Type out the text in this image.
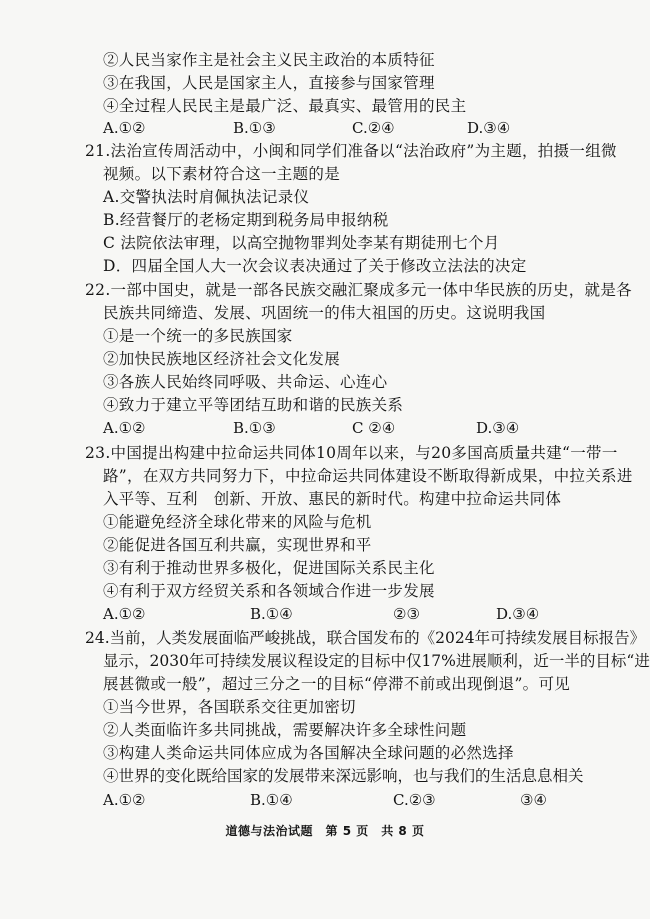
②人民当家作主是社会主义民主政治的本质特征
③在我国，人民是国家主人，直接参与国家管理
④全过程人民民主是最广泛、最真实、最管用的民主
A.①②	B.①③	C.②④	D.③④
21.法治宣传周活动中，小闽和同学们准备以“法治政府”为主题，拍摄一组微
视频。以下素材符合这一主题的是
A.交警执法时肩佩执法记录仪
B.经营餐厅的老杨定期到税务局申报纳税
C 法院依法审理，以高空抛物罪判处李某有期徒刑七个月
D．四届全国人大一次会议表决通过了关于修改立法法的决定
22.一部中国史，就是一部各民族交融汇聚成多元一体中华民族的历史，就是各
民族共同缔造、发展、巩固统一的伟大祖国的历史。这说明我国
①是一个统一的多民族国家
②加快民族地区经济社会文化发展
③各族人民始终同呼吸、共命运、心连心
④致力于建立平等团结互助和谐的民族关系
A.①②	B.①③	C ②④	D.③④
23.中国提出构建中拉命运共同体10周年以来，与20多国高质量共建“一带一
路”，在双方共同努力下，中拉命运共同体建设不断取得新成果，中拉关系进
入平等、互利　创新、开放、惠民的新时代。构建中拉命运共同体
①能避免经济全球化带来的风险与危机
②能促进各国互利共赢，实现世界和平
③有利于推动世界多极化，促进国际关系民主化
④有利于双方经贸关系和各领域合作进一步发展
A.①②	B.①④	②③	D.③④
24.当前，人类发展面临严峻挑战，联合国发布的《2024年可持续发展目标报告》
显示，2030年可持续发展议程设定的目标中仅17%进展顺利，近一半的目标“进
展甚微或一般”，超过三分之一的目标“停滞不前或出现倒退”。可见
①当今世界，各国联系交往更加密切
②人类面临许多共同挑战，需要解决许多全球性问题
③构建人类命运共同体应成为各国解决全球问题的必然选择
④世界的变化既给国家的发展带来深远影响，也与我们的生活息息相关
A.①②	B.①④	C.②③	③④
道德与法治试题　第 5 页　共 8 页
